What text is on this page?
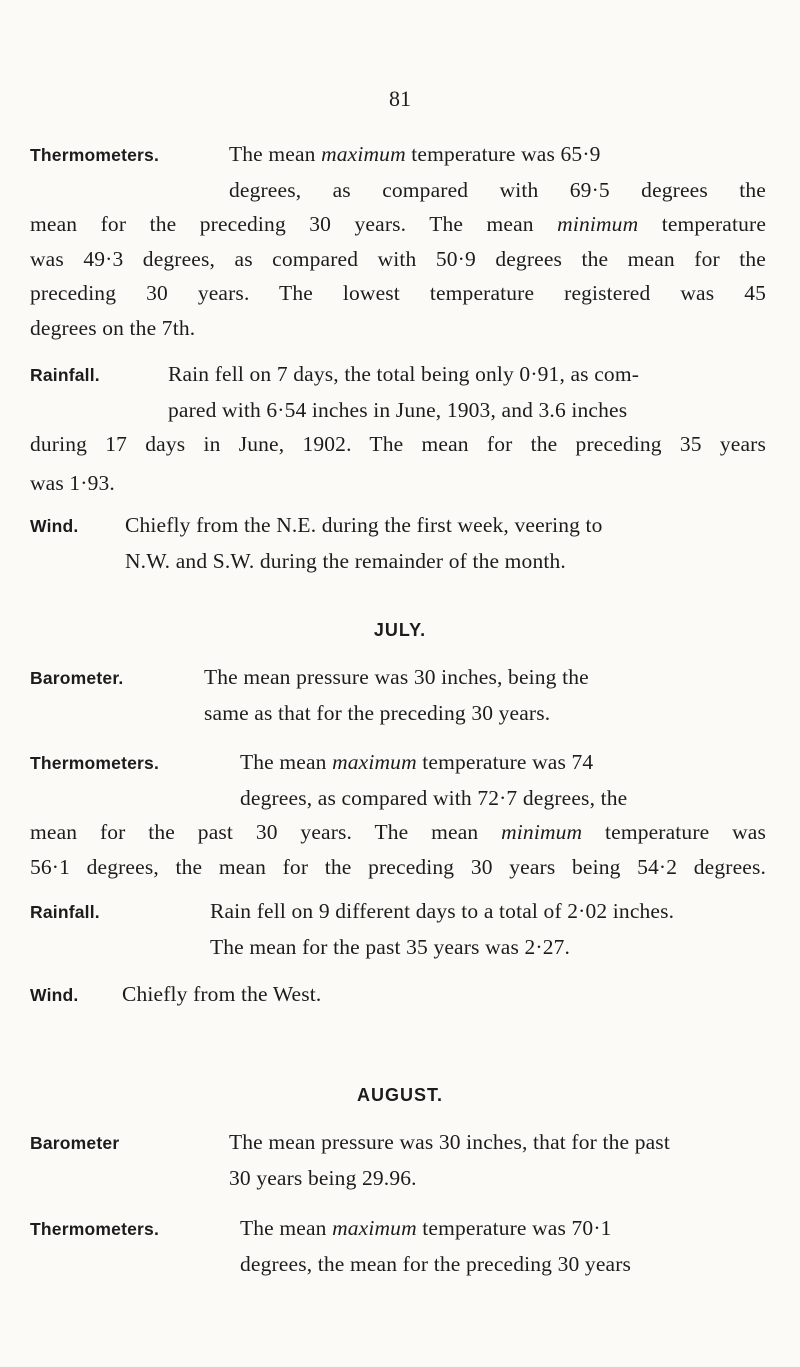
81
Thermometers.	The mean maximum temperature was 65·9
degrees, as compared with 69·5 degrees the
mean for the preceding 30 years. The mean minimum temperature
was 49·3 degrees, as compared with 50·9 degrees the mean for the
preceding 30 years. The lowest temperature registered was 45
degrees on the 7th.
Rainfall.	Rain fell on 7 days, the total being only 0·91, as com-
pared with 6·54 inches in June, 1903, and 3.6 inches
during 17 days in June, 1902. The mean for the preceding 35 years
was 1·93.
Wind. Chiefly from the N.E. during the first week, veering to
N.W. and S.W. during the remainder of the month.
JULY.
Barometer.	The mean pressure was 30 inches, being the
same as that for the preceding 30 years.
Thermometers.	The mean maximum temperature was 74
degrees, as compared with 72·7 degrees, the
mean for the past 30 years. The mean minimum temperature was
56·1 degrees, the mean for the preceding 30 years being 54·2 degrees.
Rainfall.	Rain fell on 9 different days to a total of 2·02 inches.
The mean for the past 35 years was 2·27.
Wind. Chiefly from the West.
AUGUST.
Barometer	The mean pressure was 30 inches, that for the past
30 years being 29.96.
Thermometers.	The mean maximum temperature was 70·1
degrees, the mean for the preceding 30 years
